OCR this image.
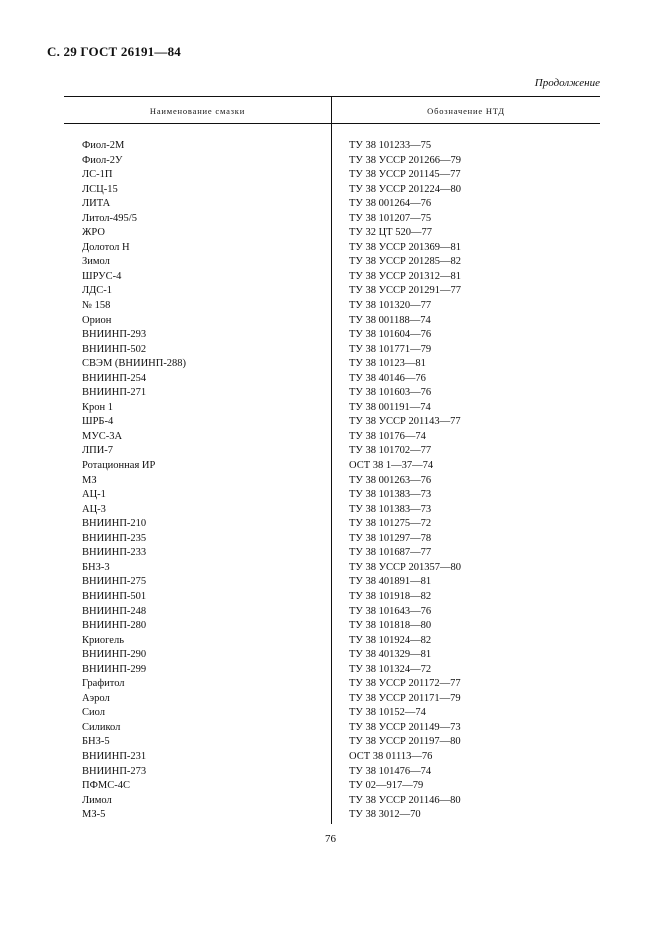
С. 29 ГОСТ 26191—84
Продолжение
Наименование смазки	Обозначение НТД
Фиол-2М	ТУ 38 101233—75
Фиол-2У	ТУ 38 УССР 201266—79
ЛС-1П	ТУ 38 УССР 201145—77
ЛСЦ-15	ТУ 38 УССР 201224—80
ЛИТА	ТУ 38 001264—76
Литол-495/5	ТУ 38 101207—75
ЖРО	ТУ 32 ЦТ 520—77
Долотол Н	ТУ 38 УССР 201369—81
Зимол	ТУ 38 УССР 201285—82
ШРУС-4	ТУ 38 УССР 201312—81
ЛДС-1	ТУ 38 УССР 201291—77
№ 158	ТУ 38 101320—77
Орион	ТУ 38 001188—74
ВНИИНП-293	ТУ 38 101604—76
ВНИИНП-502	ТУ 38 101771—79
СВЭМ (ВНИИНП-288)	ТУ 38 10123—81
ВНИИНП-254	ТУ 38 40146—76
ВНИИНП-271	ТУ 38 101603—76
Крон 1	ТУ 38 001191—74
ШРБ-4	ТУ 38 УССР 201143—77
МУС-3А	ТУ 38 10176—74
ЛПИ-7	ТУ 38 101702—77
Ротационная ИР	ОСТ 38 1—37—74
МЗ	ТУ 38 001263—76
АЦ-1	ТУ 38 101383—73
АЦ-3	ТУ 38 101383—73
ВНИИНП-210	ТУ 38 101275—72
ВНИИНП-235	ТУ 38 101297—78
ВНИИНП-233	ТУ 38 101687—77
БНЗ-3	ТУ 38 УССР 201357—80
ВНИИНП-275	ТУ 38 401891—81
ВНИИНП-501	ТУ 38 101918—82
ВНИИНП-248	ТУ 38 101643—76
ВНИИНП-280	ТУ 38 101818—80
Криогель	ТУ 38 101924—82
ВНИИНП-290	ТУ 38 401329—81
ВНИИНП-299	ТУ 38 101324—72
Графитол	ТУ 38 УССР 201172—77
Аэрол	ТУ 38 УССР 201171—79
Сиол	ТУ 38 10152—74
Силикол	ТУ 38 УССР 201149—73
БНЗ-5	ТУ 38 УССР 201197—80
ВНИИНП-231	ОСТ 38 01113—76
ВНИИНП-273	ТУ 38 101476—74
ПФМС-4С	ТУ 02—917—79
Лимол	ТУ 38 УССР 201146—80
МЗ-5	ТУ 38 3012—70
76
